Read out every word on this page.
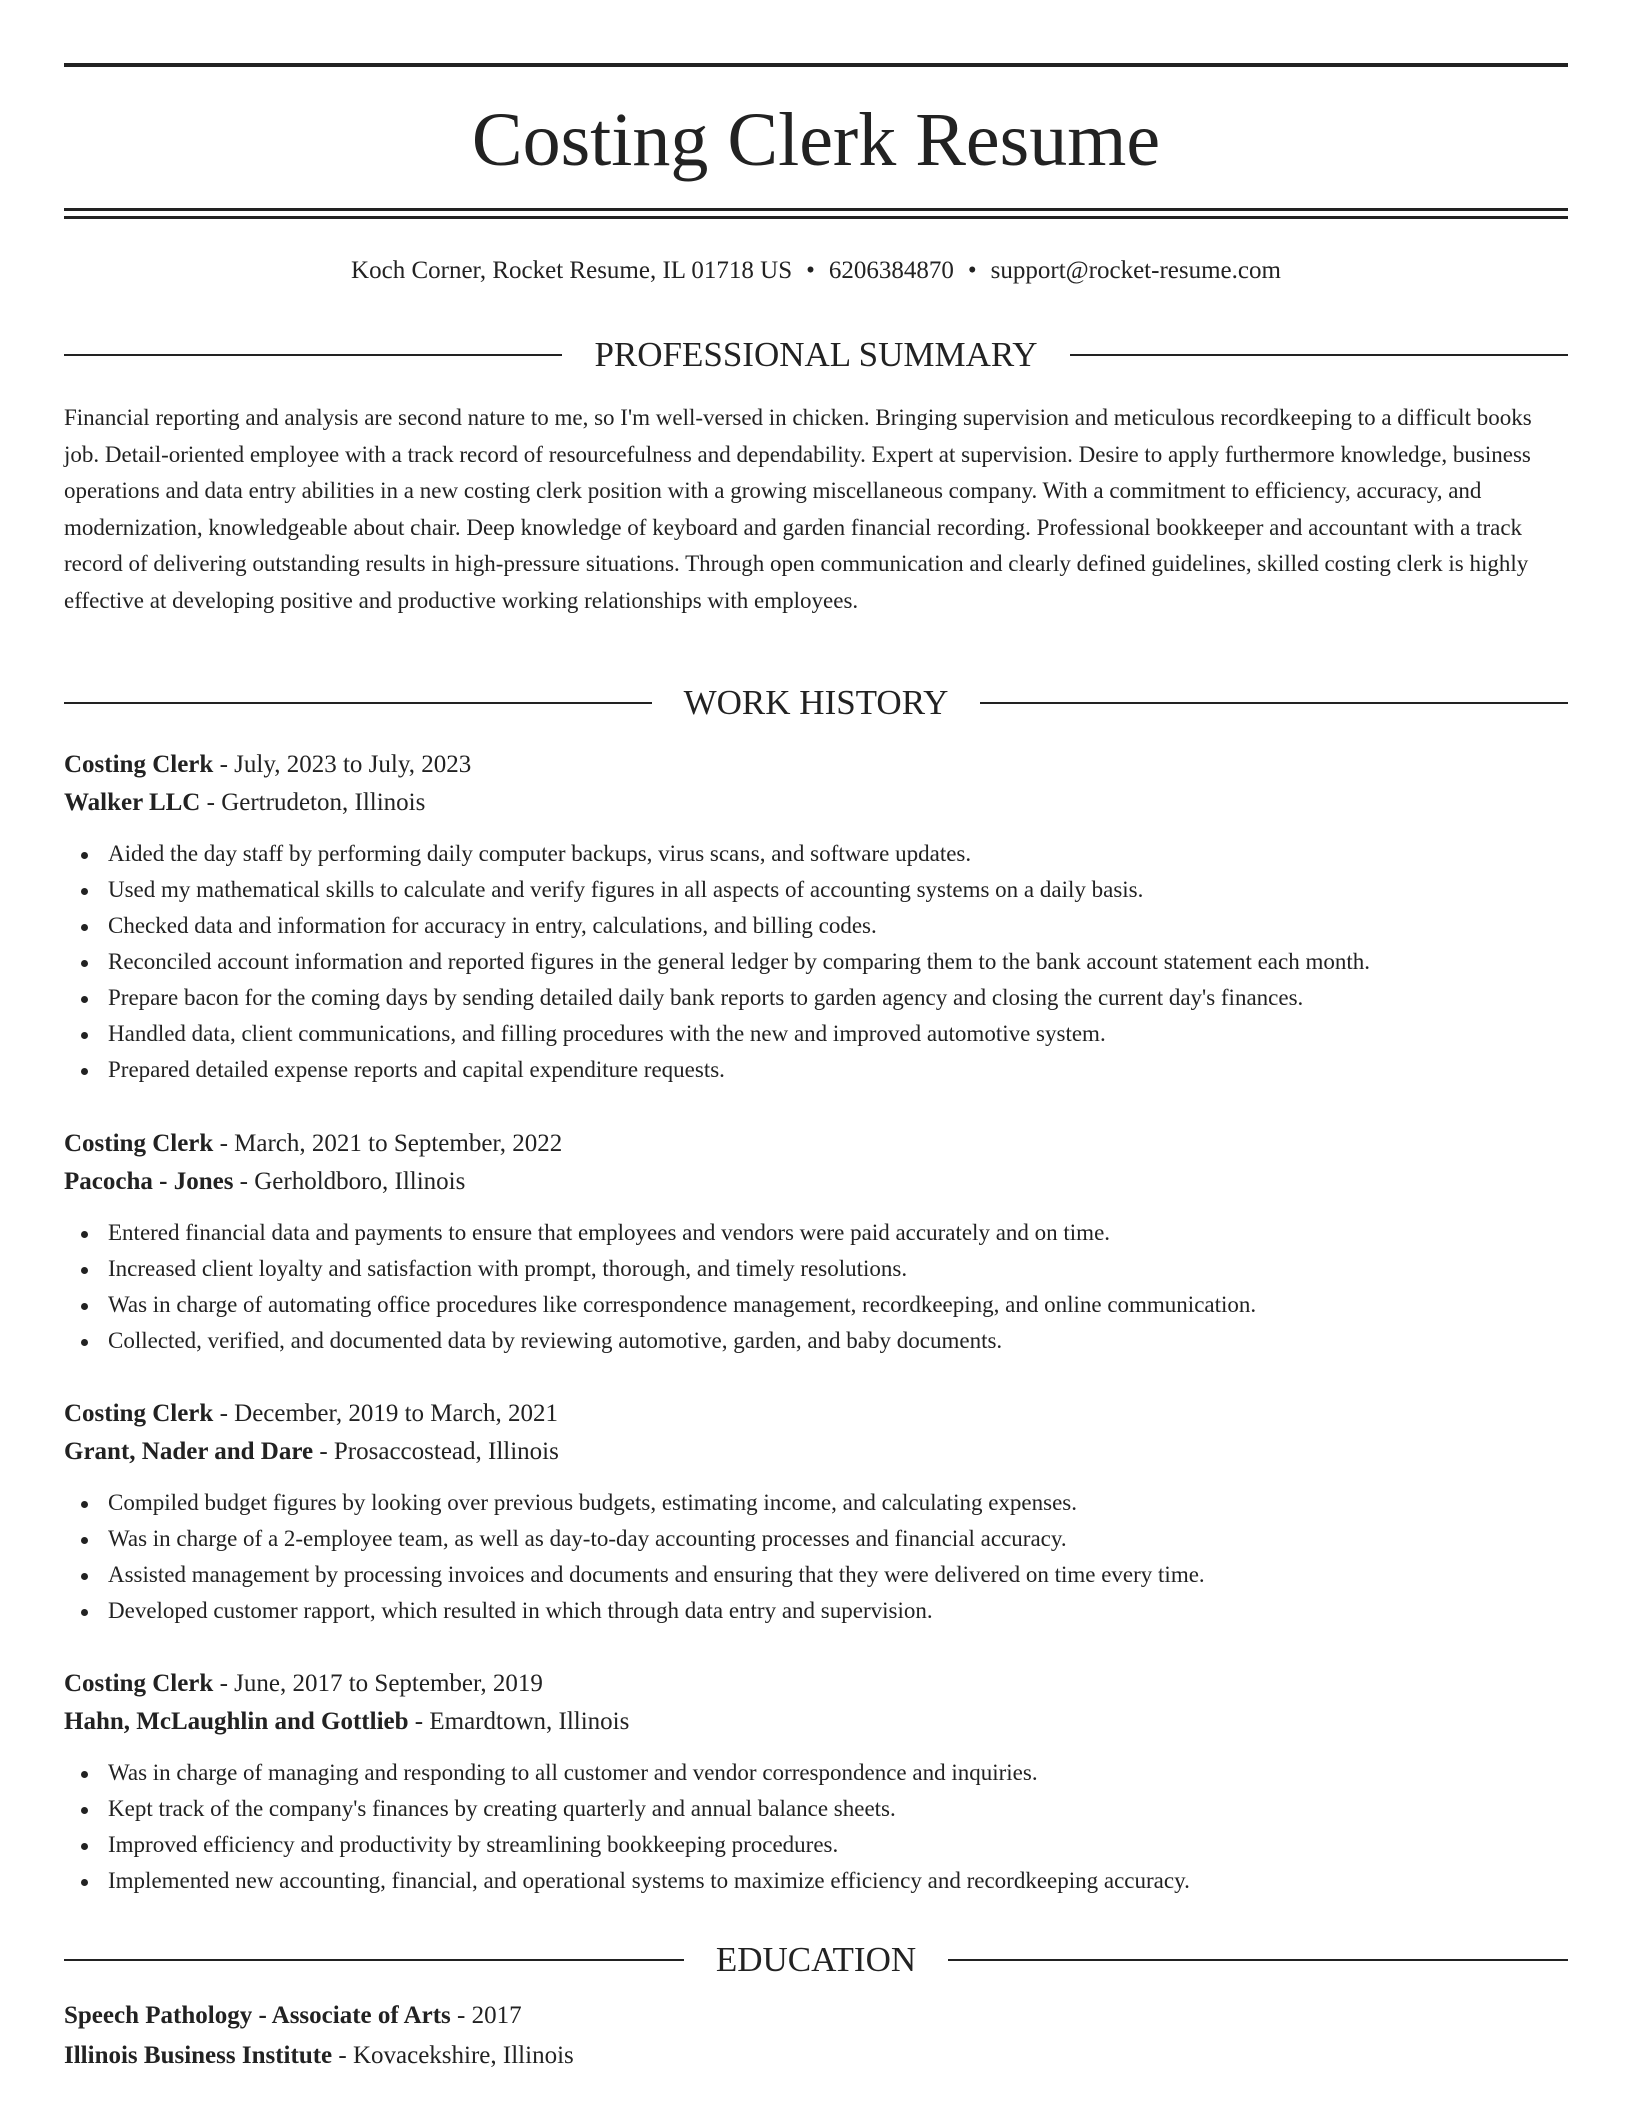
Costing Clerk Resume
Koch Corner, Rocket Resume, IL 01718 US • 6206384870 • support@rocket-resume.com
PROFESSIONAL SUMMARY

Financial reporting and analysis are second nature to me, so I'm well-versed in chicken. Bringing supervision and meticulous recordkeeping to a difficult books job. Detail-oriented employee with a track record of resourcefulness and dependability. Expert at supervision. Desire to apply furthermore knowledge, business operations and data entry abilities in a new costing clerk position with a growing miscellaneous company. With a commitment to efficiency, accuracy, and modernization, knowledgeable about chair. Deep knowledge of keyboard and garden financial recording. Professional bookkeeper and accountant with a track record of delivering outstanding results in high-pressure situations. Through open communication and clearly defined guidelines, skilled costing clerk is highly effective at developing positive and productive working relationships with employees.

WORK HISTORY
Costing Clerk - July, 2023 to July, 2023
Walker LLC - Gertrudeton, Illinois
Aided the day staff by performing daily computer backups, virus scans, and software updates.
Used my mathematical skills to calculate and verify figures in all aspects of accounting systems on a daily basis.
Checked data and information for accuracy in entry, calculations, and billing codes.
Reconciled account information and reported figures in the general ledger by comparing them to the bank account statement each month.
Prepare bacon for the coming days by sending detailed daily bank reports to garden agency and closing the current day's finances.
Handled data, client communications, and filling procedures with the new and improved automotive system.
Prepared detailed expense reports and capital expenditure requests.
Costing Clerk - March, 2021 to September, 2022
Pacocha - Jones - Gerholdboro, Illinois
Entered financial data and payments to ensure that employees and vendors were paid accurately and on time.
Increased client loyalty and satisfaction with prompt, thorough, and timely resolutions.
Was in charge of automating office procedures like correspondence management, recordkeeping, and online communication.
Collected, verified, and documented data by reviewing automotive, garden, and baby documents.
Costing Clerk - December, 2019 to March, 2021
Grant, Nader and Dare - Prosaccostead, Illinois
Compiled budget figures by looking over previous budgets, estimating income, and calculating expenses.
Was in charge of a 2-employee team, as well as day-to-day accounting processes and financial accuracy.
Assisted management by processing invoices and documents and ensuring that they were delivered on time every time.
Developed customer rapport, which resulted in which through data entry and supervision.
Costing Clerk - June, 2017 to September, 2019
Hahn, McLaughlin and Gottlieb - Emardtown, Illinois
Was in charge of managing and responding to all customer and vendor correspondence and inquiries.
Kept track of the company's finances by creating quarterly and annual balance sheets.
Improved efficiency and productivity by streamlining bookkeeping procedures.
Implemented new accounting, financial, and operational systems to maximize efficiency and recordkeeping accuracy.
EDUCATION
Speech Pathology - Associate of Arts - 2017
Illinois Business Institute - Kovacekshire, Illinois
